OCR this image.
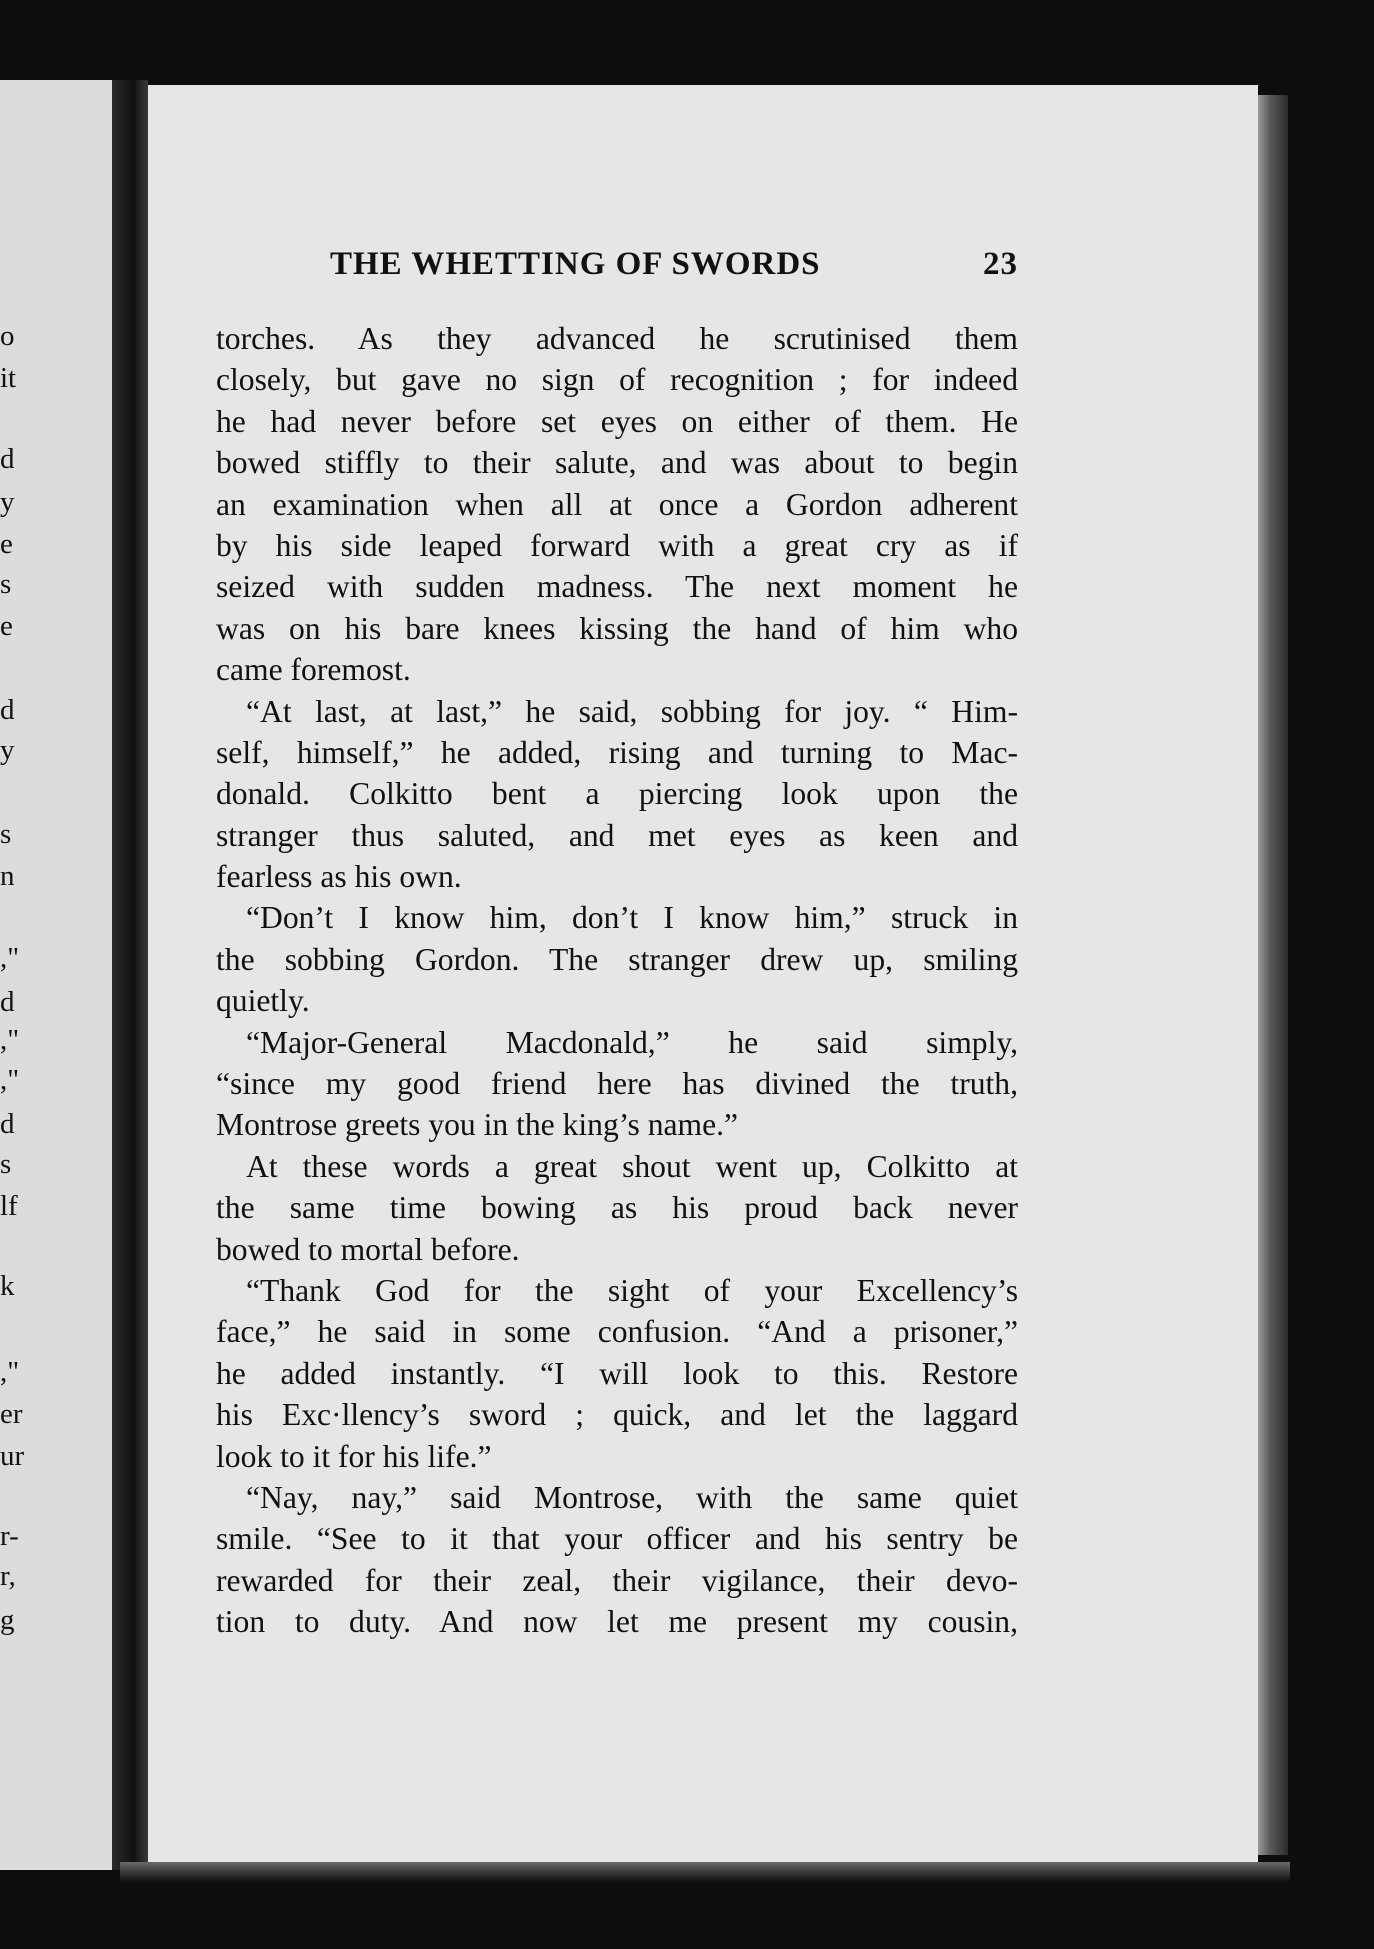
o
it
d
y
e
s
e
d
y
s
n
,"
d
,"
,"
d
s
lf
k
,"
er
ur
r-
r,
g
THE WHETTING OF SWORDS	23
torches. As they advanced he scrutinised them
closely, but gave no sign of recognition ; for indeed
he had never before set eyes on either of them. He
bowed stiffly to their salute, and was about to begin
an examination when all at once a Gordon adherent
by his side leaped forward with a great cry as if
seized with sudden madness. The next moment he
was on his bare knees kissing the hand of him who
came foremost.
“At last, at last,” he said, sobbing for joy. “ Him-
self, himself,” he added, rising and turning to Mac-
donald. Colkitto bent a piercing look upon the
stranger thus saluted, and met eyes as keen and
fearless as his own.
“Don’t I know him, don’t I know him,” struck in
the sobbing Gordon. The stranger drew up, smiling
quietly.
“Major-General Macdonald,” he said simply,
“since my good friend here has divined the truth,
Montrose greets you in the king’s name.”
At these words a great shout went up, Colkitto at
the same time bowing as his proud back never
bowed to mortal before.
“Thank God for the sight of your Excellency’s
face,” he said in some confusion. “And a prisoner,”
he added instantly. “I will look to this. Restore
his Exc·llency’s sword ; quick, and let the laggard
look to it for his life.”
“Nay, nay,” said Montrose, with the same quiet
smile. “See to it that your officer and his sentry be
rewarded for their zeal, their vigilance, their devo-
tion to duty. And now let me present my cousin,
